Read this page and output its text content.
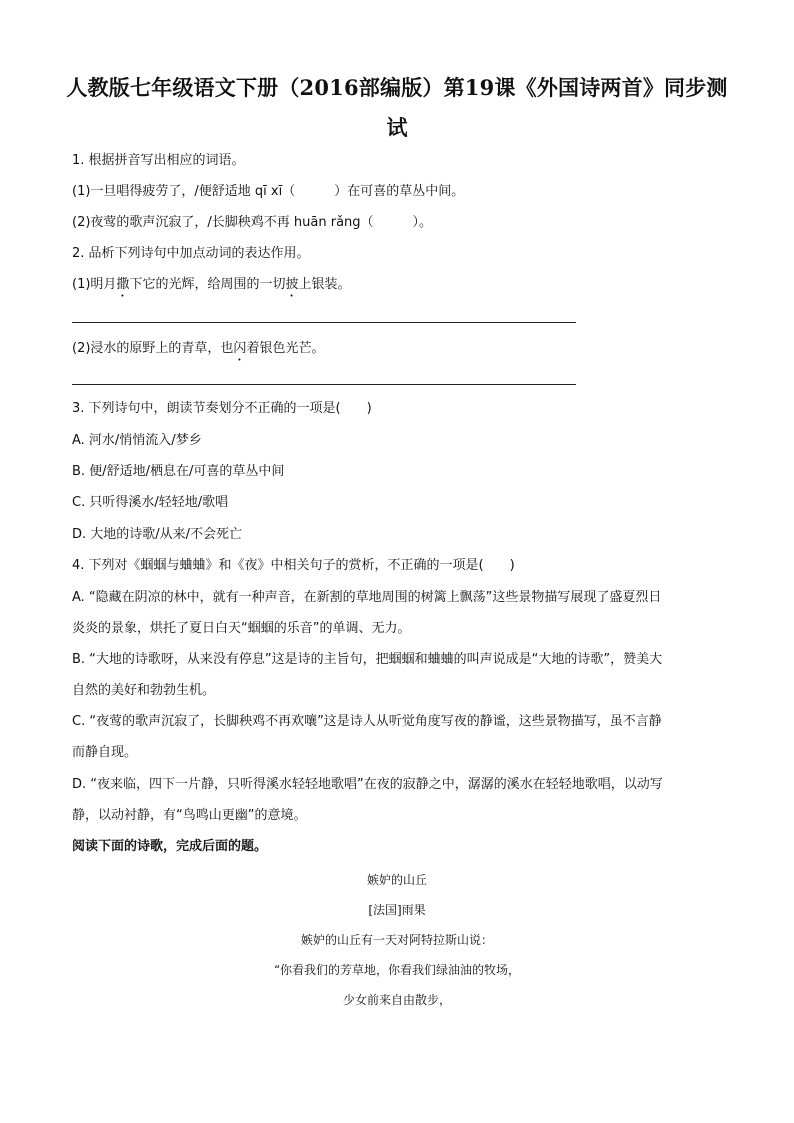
人教版七年级语文下册（2016部编版）第19课《外国诗两首》同步测
试
1. 根据拼音写出相应的词语。
(1)一旦唱得疲劳了，/便舒适地 qī xī（　　　）在可喜的草丛中间。
(2)夜莺的歌声沉寂了，/长脚秧鸡不再 huān rǎng（　　　）。
2. 品析下列诗句中加点动词的表达作用。
(1)明月撒下它的光辉，给周围的一切披上银装。
(2)浸水的原野上的青草，也闪着银色光芒。
3. 下列诗句中，朗读节奏划分不正确的一项是(　　)
A. 河水/悄悄流入/梦乡
B. 便/舒适地/栖息在/可喜的草丛中间
C. 只听得溪水/轻轻地/歌唱
D. 大地的诗歌/从来/不会死亡
4. 下列对《蝈蝈与蛐蛐》和《夜》中相关句子的赏析，不正确的一项是(　　)
A. “隐藏在阴凉的林中，就有一种声音，在新割的草地周围的树篱上飘荡”这些景物描写展现了盛夏烈日
炎炎的景象，烘托了夏日白天“蝈蝈的乐音”的单调、无力。
B. “大地的诗歌呀，从来没有停息”这是诗的主旨句，把蝈蝈和蛐蛐的叫声说成是“大地的诗歌”，赞美大
自然的美好和勃勃生机。
C. “夜莺的歌声沉寂了，长脚秧鸡不再欢嚷”这是诗人从听觉角度写夜的静谧，这些景物描写，虽不言静
而静自现。
D. “夜来临，四下一片静，只听得溪水轻轻地歌唱”在夜的寂静之中，潺潺的溪水在轻轻地歌唱，以动写
静，以动衬静，有“鸟鸣山更幽”的意境。
阅读下面的诗歌，完成后面的题。
嫉妒的山丘
[法国]雨果
嫉妒的山丘有一天对阿特拉斯山说：
“你看我们的芳草地，你看我们绿油油的牧场，
少女前来自由散步，
